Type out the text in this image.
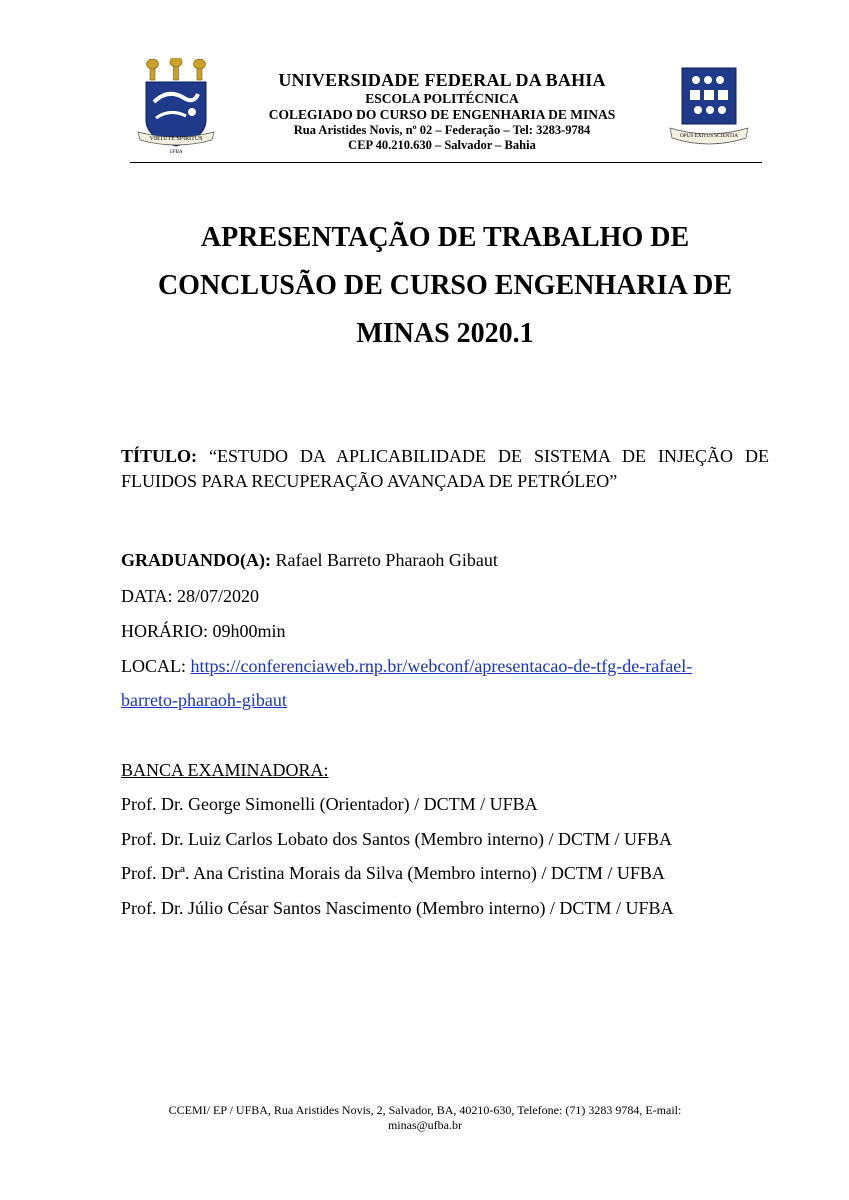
VIRTUTE SPIRITUS
UFBA
UNIVERSIDADE FEDERAL DA BAHIA
ESCOLA POLITÉCNICA
COLEGIADO DO CURSO DE ENGENHARIA DE MINAS
Rua Aristides Novis, nº 02 – Federação – Tel: 3283-9784
CEP 40.210.630 – Salvador – Bahia
OPUS EXITUS SCIENTIA
APRESENTAÇÃO DE TRABALHO DE
CONCLUSÃO DE CURSO ENGENHARIA DE
MINAS 2020.1
TÍTULO: “ESTUDO DA APLICABILIDADE DE SISTEMA DE INJEÇÃO DE FLUIDOS PARA RECUPERAÇÃO AVANÇADA DE PETRÓLEO”
GRADUANDO(A): Rafael Barreto Pharaoh Gibaut
DATA: 28/07/2020
HORÁRIO: 09h00min
LOCAL: https://conferenciaweb.rnp.br/webconf/apresentacao-de-tfg-de-rafael-
barreto-pharaoh-gibaut
BANCA EXAMINADORA:
Prof. Dr. George Simonelli (Orientador) / DCTM / UFBA
Prof. Dr. Luiz Carlos Lobato dos Santos (Membro interno) / DCTM / UFBA
Prof. Drª. Ana Cristina Morais da Silva (Membro interno) / DCTM / UFBA
Prof. Dr. Júlio César Santos Nascimento (Membro interno) / DCTM / UFBA
CCEMI/ EP / UFBA, Rua Aristides Novis, 2, Salvador, BA, 40210-630, Telefone: (71) 3283 9784, E-mail:
minas@ufba.br
